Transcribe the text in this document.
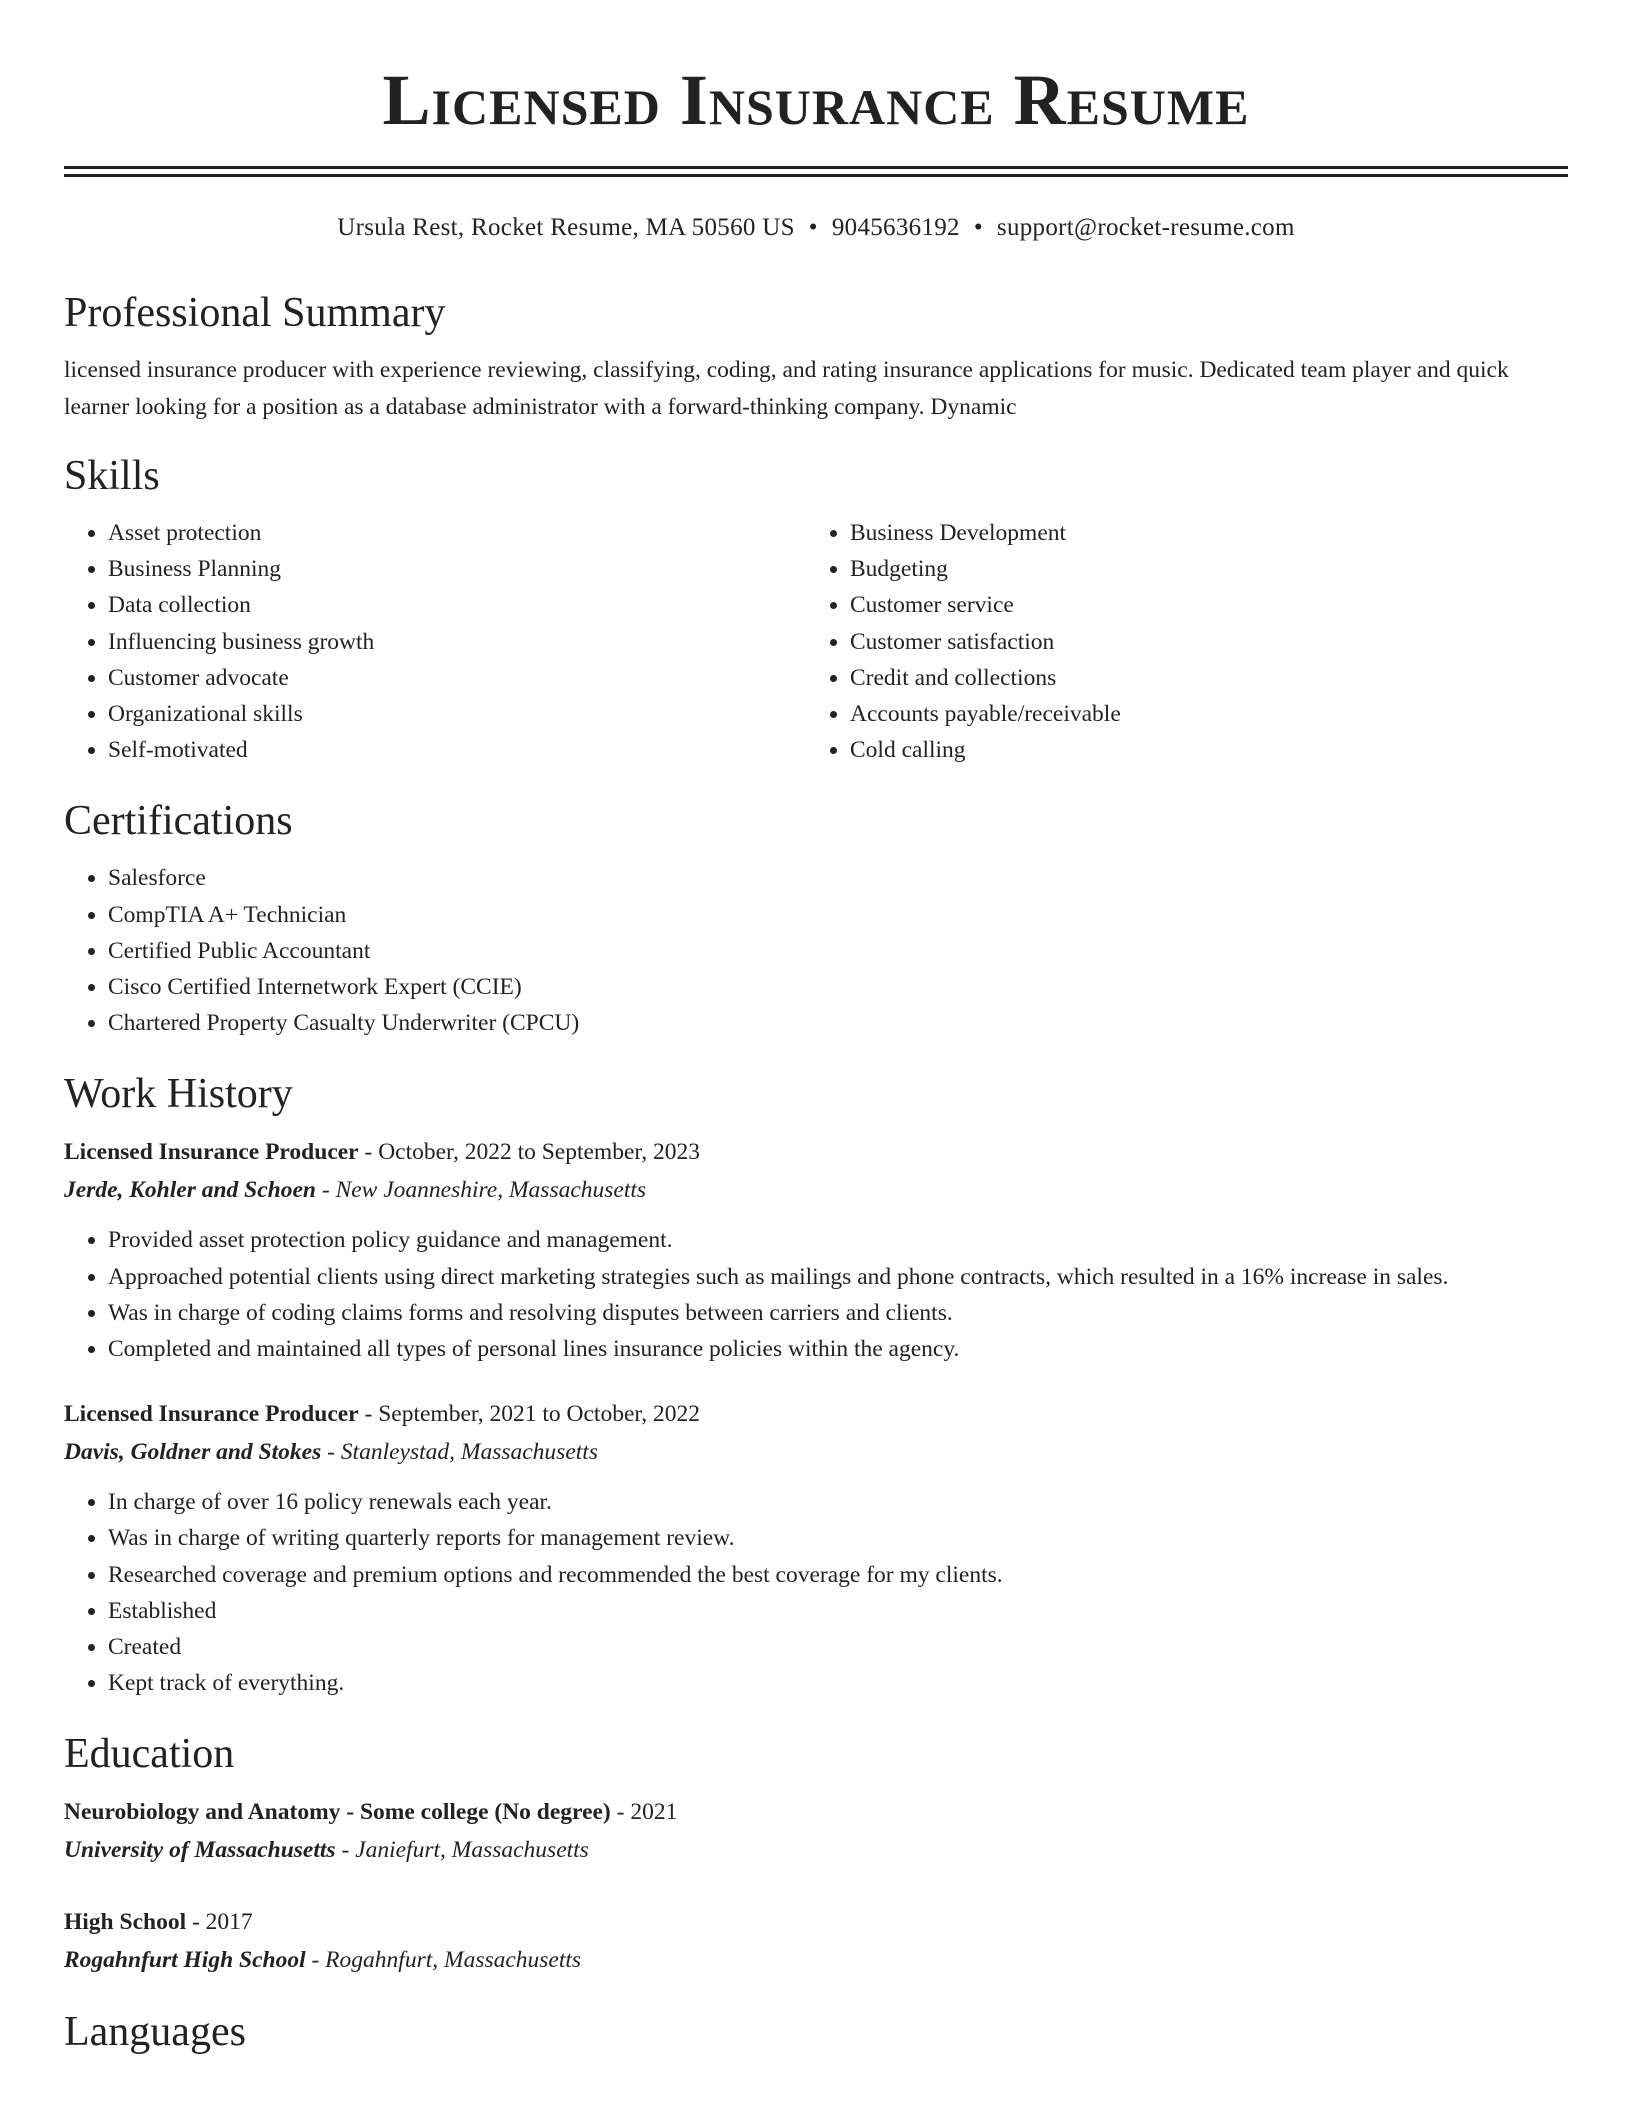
Licensed Insurance Resume
Ursula Rest, Rocket Resume, MA 50560 US • 9045636192 • support@rocket-resume.com
Professional Summary

licensed insurance producer with experience reviewing, classifying, coding, and rating insurance applications for music. Dedicated team player and quick learner looking for a position as a database administrator with a forward-thinking company. Dynamic

Skills
• Asset protection
• Business Planning
• Data collection
• Influencing business growth
• Customer advocate
• Organizational skills
• Self-motivated
• Business Development
• Budgeting
• Customer service
• Customer satisfaction
• Credit and collections
• Accounts payable/receivable
• Cold calling
Certifications
• Salesforce
• CompTIA A+ Technician
• Certified Public Accountant
• Cisco Certified Internetwork Expert (CCIE)
• Chartered Property Casualty Underwriter (CPCU)
Work History
Licensed Insurance Producer - October, 2022 to September, 2023
Jerde, Kohler and Schoen - New Joanneshire, Massachusetts
• Provided asset protection policy guidance and management.
• Approached potential clients using direct marketing strategies such as mailings and phone contracts, which resulted in a 16% increase in sales.
• Was in charge of coding claims forms and resolving disputes between carriers and clients.
• Completed and maintained all types of personal lines insurance policies within the agency.
Licensed Insurance Producer - September, 2021 to October, 2022
Davis, Goldner and Stokes - Stanleystad, Massachusetts
• In charge of over 16 policy renewals each year.
• Was in charge of writing quarterly reports for management review.
• Researched coverage and premium options and recommended the best coverage for my clients.
• Established
• Created
• Kept track of everything.
Education
Neurobiology and Anatomy - Some college (No degree) - 2021
University of Massachusetts - Janiefurt, Massachusetts
High School - 2017
Rogahnfurt High School - Rogahnfurt, Massachusetts
Languages
